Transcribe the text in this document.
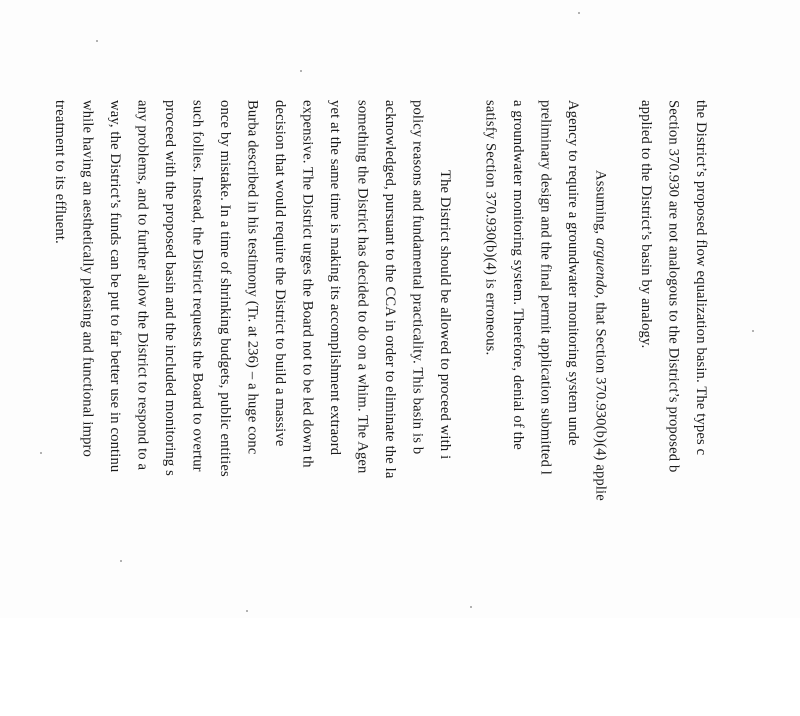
the District’s proposed flow equalization basin. The types c
Section 370.930 are not analogous to the District’s proposed b
applied to the District’s basin by analogy.
Assuming, arguendo, that Section 370.930(b)(4) applie
Agency to require a groundwater monitoring system unde
preliminary design and the final permit application submitted l
a groundwater monitoring system. Therefore, denial of the
satisfy Section 370.930(b)(4) is erroneous.
The District should be allowed to proceed with i
policy reasons and fundamental practicality. This basin is b
acknowledged, pursuant to the CCA in order to eliminate the la
something the District has decided to do on a whim. The Agen
yet at the same time is making its accomplishment extraord
expensive. The District urges the Board not to be led down th
decision that would require the District to build a massive
Burba described in his testimony (Tr. at 236) – a huge conc
once by mistake. In a time of shrinking budgets, public entities
such follies. Instead, the District requests the Board to overtur
proceed with the proposed basin and the included monitoring s
any problems, and to further allow the District to respond to a
way, the District’s funds can be put to far better use in continu
while having an aesthetically pleasing and functional impro
treatment to its effluent.
